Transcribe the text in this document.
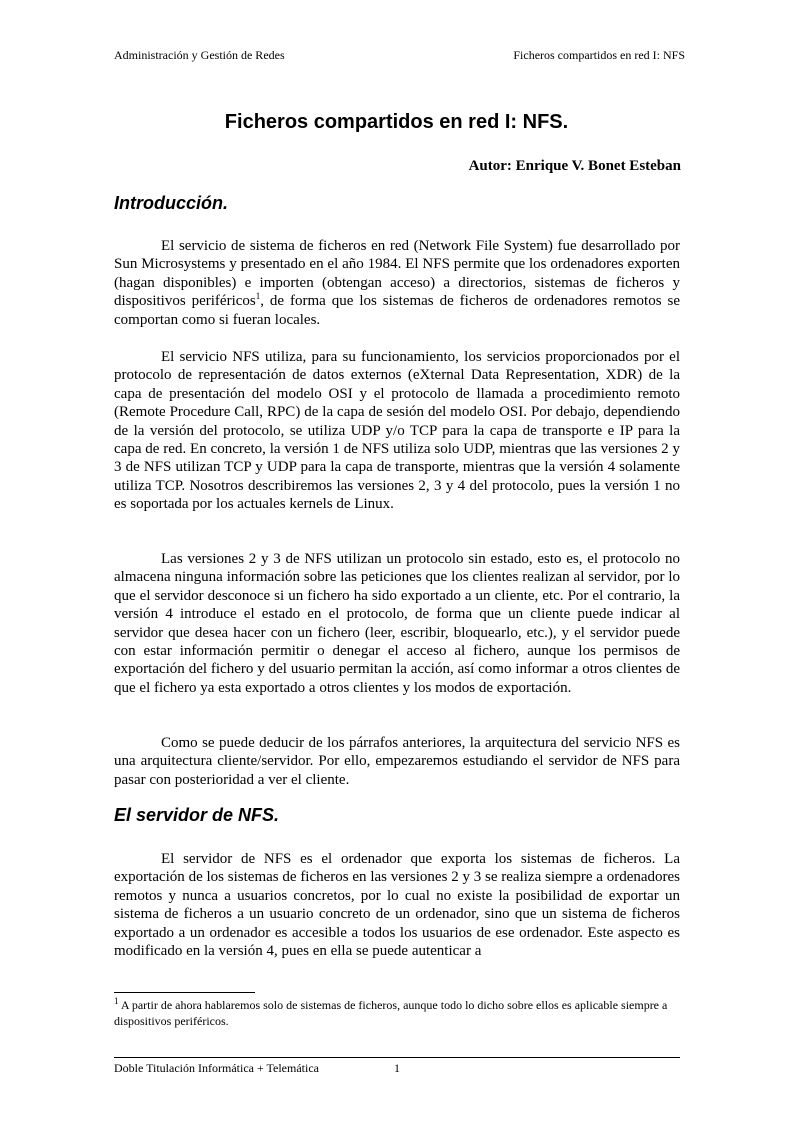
Administración y Gestión de Redes	Ficheros compartidos en red I: NFS
Ficheros compartidos en red I: NFS.
Autor: Enrique V. Bonet Esteban
Introducción.

El servicio de sistema de ficheros en red (Network File System) fue desarrollado por Sun Microsystems y presentado en el año 1984. El NFS permite que los ordenadores exporten (hagan disponibles) e importen (obtengan acceso) a directorios, sistemas de ficheros y dispositivos periféricos$^1$, de forma que los sistemas de ficheros de ordenadores remotos se comportan como si fueran locales.

El servicio NFS utiliza, para su funcionamiento, los servicios proporcionados por el protocolo de representación de datos externos (eXternal Data Representation, XDR) de la capa de presentación del modelo OSI y el protocolo de llamada a procedimiento remoto (Remote Procedure Call, RPC) de la capa de sesión del modelo OSI. Por debajo, dependiendo de la versión del protocolo, se utiliza UDP y/o TCP para la capa de transporte e IP para la capa de red. En concreto, la versión 1 de NFS utiliza solo UDP, mientras que las versiones 2 y 3 de NFS utilizan TCP y UDP para la capa de transporte, mientras que la versión 4 solamente utiliza TCP. Nosotros describiremos las versiones 2, 3 y 4 del protocolo, pues la versión 1 no es soportada por los actuales kernels de Linux.

Las versiones 2 y 3 de NFS utilizan un protocolo sin estado, esto es, el protocolo no almacena ninguna información sobre las peticiones que los clientes realizan al servidor, por lo que el servidor desconoce si un fichero ha sido exportado a un cliente, etc. Por el contrario, la versión 4 introduce el estado en el protocolo, de forma que un cliente puede indicar al servidor que desea hacer con un fichero (leer, escribir, bloquearlo, etc.), y el servidor puede con estar información permitir o denegar el acceso al fichero, aunque los permisos de exportación del fichero y del usuario permitan la acción, así como informar a otros clientes de que el fichero ya esta exportado a otros clientes y los modos de exportación.

Como se puede deducir de los párrafos anteriores, la arquitectura del servicio NFS es una arquitectura cliente/servidor. Por ello, empezaremos estudiando el servidor de NFS para pasar con posterioridad a ver el cliente.

El servidor de NFS.

El servidor de NFS es el ordenador que exporta los sistemas de ficheros. La exportación de los sistemas de ficheros en las versiones 2 y 3 se realiza siempre a ordenadores remotos y nunca a usuarios concretos, por lo cual no existe la posibilidad de exportar un sistema de ficheros a un usuario concreto de un ordenador, sino que un sistema de ficheros exportado a un ordenador es accesible a todos los usuarios de ese ordenador. Este aspecto es modificado en la versión 4, pues en ella se puede autenticar a

$^1$ A partir de ahora hablaremos solo de sistemas de ficheros, aunque todo lo dicho sobre ellos es aplicable siempre a dispositivos periféricos.

Doble Titulación Informática + Telemática	1
